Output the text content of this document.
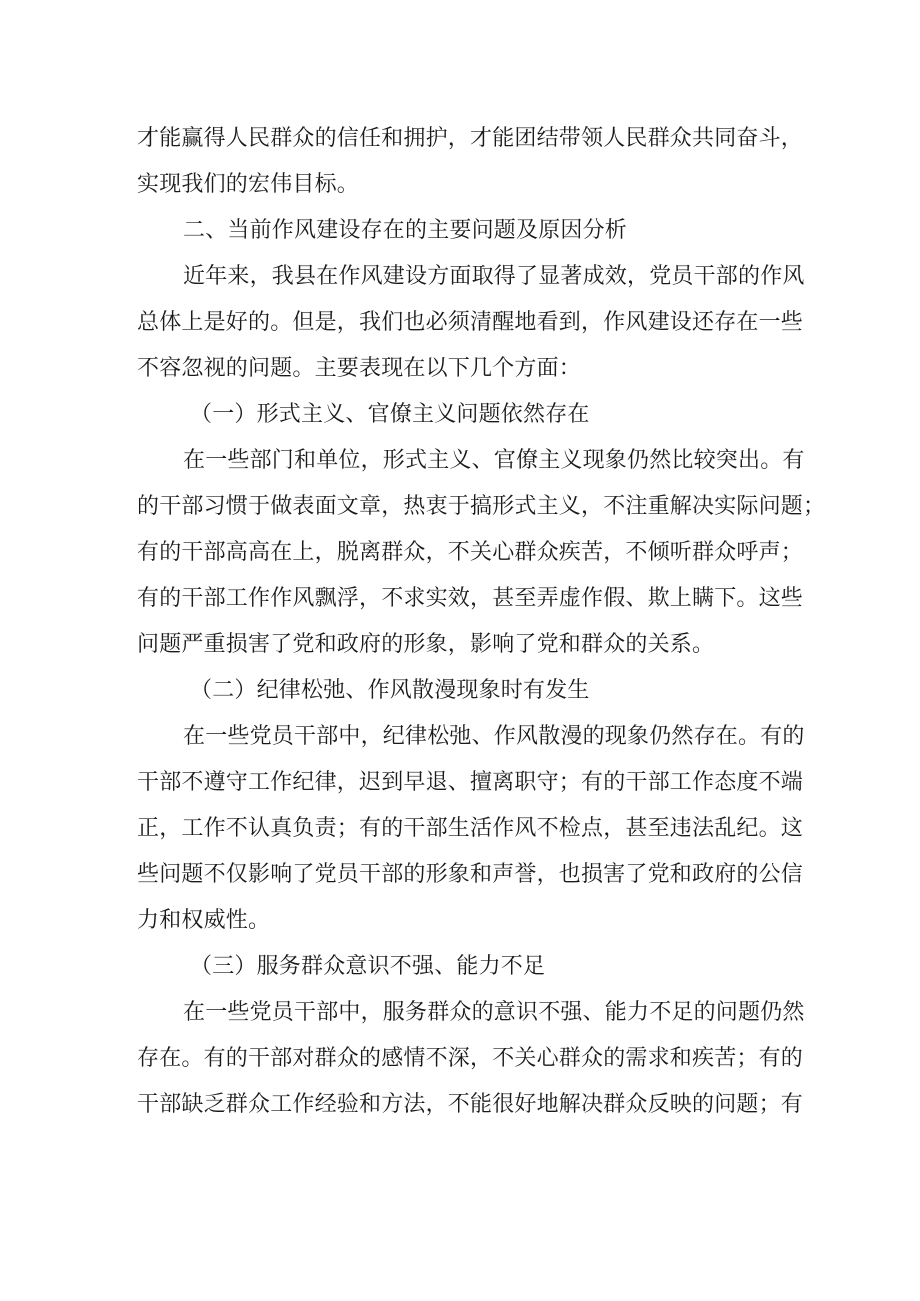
才能赢得人民群众的信任和拥护，才能团结带领人民群众共同奋斗，
实现我们的宏伟目标。
二、当前作风建设存在的主要问题及原因分析
近年来，我县在作风建设方面取得了显著成效，党员干部的作风
总体上是好的。但是，我们也必须清醒地看到，作风建设还存在一些
不容忽视的问题。主要表现在以下几个方面：
（一）形式主义、官僚主义问题依然存在
在一些部门和单位，形式主义、官僚主义现象仍然比较突出。有
的干部习惯于做表面文章，热衷于搞形式主义，不注重解决实际问题；
有的干部高高在上，脱离群众，不关心群众疾苦，不倾听群众呼声；
有的干部工作作风飘浮，不求实效，甚至弄虚作假、欺上瞒下。这些
问题严重损害了党和政府的形象，影响了党和群众的关系。
（二）纪律松弛、作风散漫现象时有发生
在一些党员干部中，纪律松弛、作风散漫的现象仍然存在。有的
干部不遵守工作纪律，迟到早退、擅离职守；有的干部工作态度不端
正，工作不认真负责；有的干部生活作风不检点，甚至违法乱纪。这
些问题不仅影响了党员干部的形象和声誉，也损害了党和政府的公信
力和权威性。
（三）服务群众意识不强、能力不足
在一些党员干部中，服务群众的意识不强、能力不足的问题仍然
存在。有的干部对群众的感情不深，不关心群众的需求和疾苦；有的
干部缺乏群众工作经验和方法，不能很好地解决群众反映的问题；有
